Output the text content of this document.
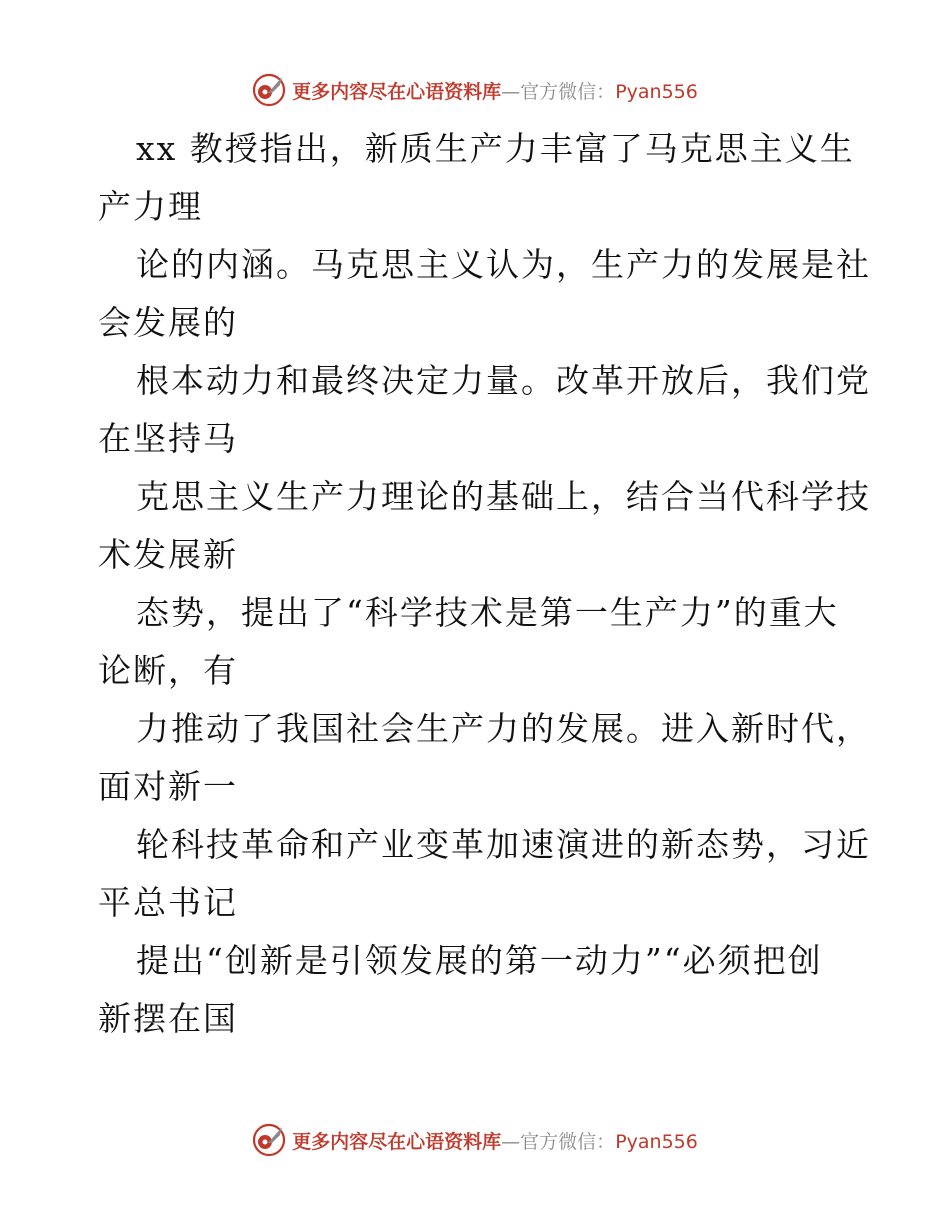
更多内容尽在心语资料库—官方微信：Pyan556
xx 教授指出，新质生产力丰富了马克思主义生
产力理
论的内涵。马克思主义认为，生产力的发展是社
会发展的
根本动力和最终决定力量。改革开放后，我们党
在坚持马
克思主义生产力理论的基础上，结合当代科学技
术发展新
态势，提出了“科学技术是第一生产力”的重大
论断，有
力推动了我国社会生产力的发展。进入新时代，
面对新一
轮科技革命和产业变革加速演进的新态势，习近
平总书记
提出“创新是引领发展的第一动力”“必须把创
新摆在国
更多内容尽在心语资料库—官方微信：Pyan556
